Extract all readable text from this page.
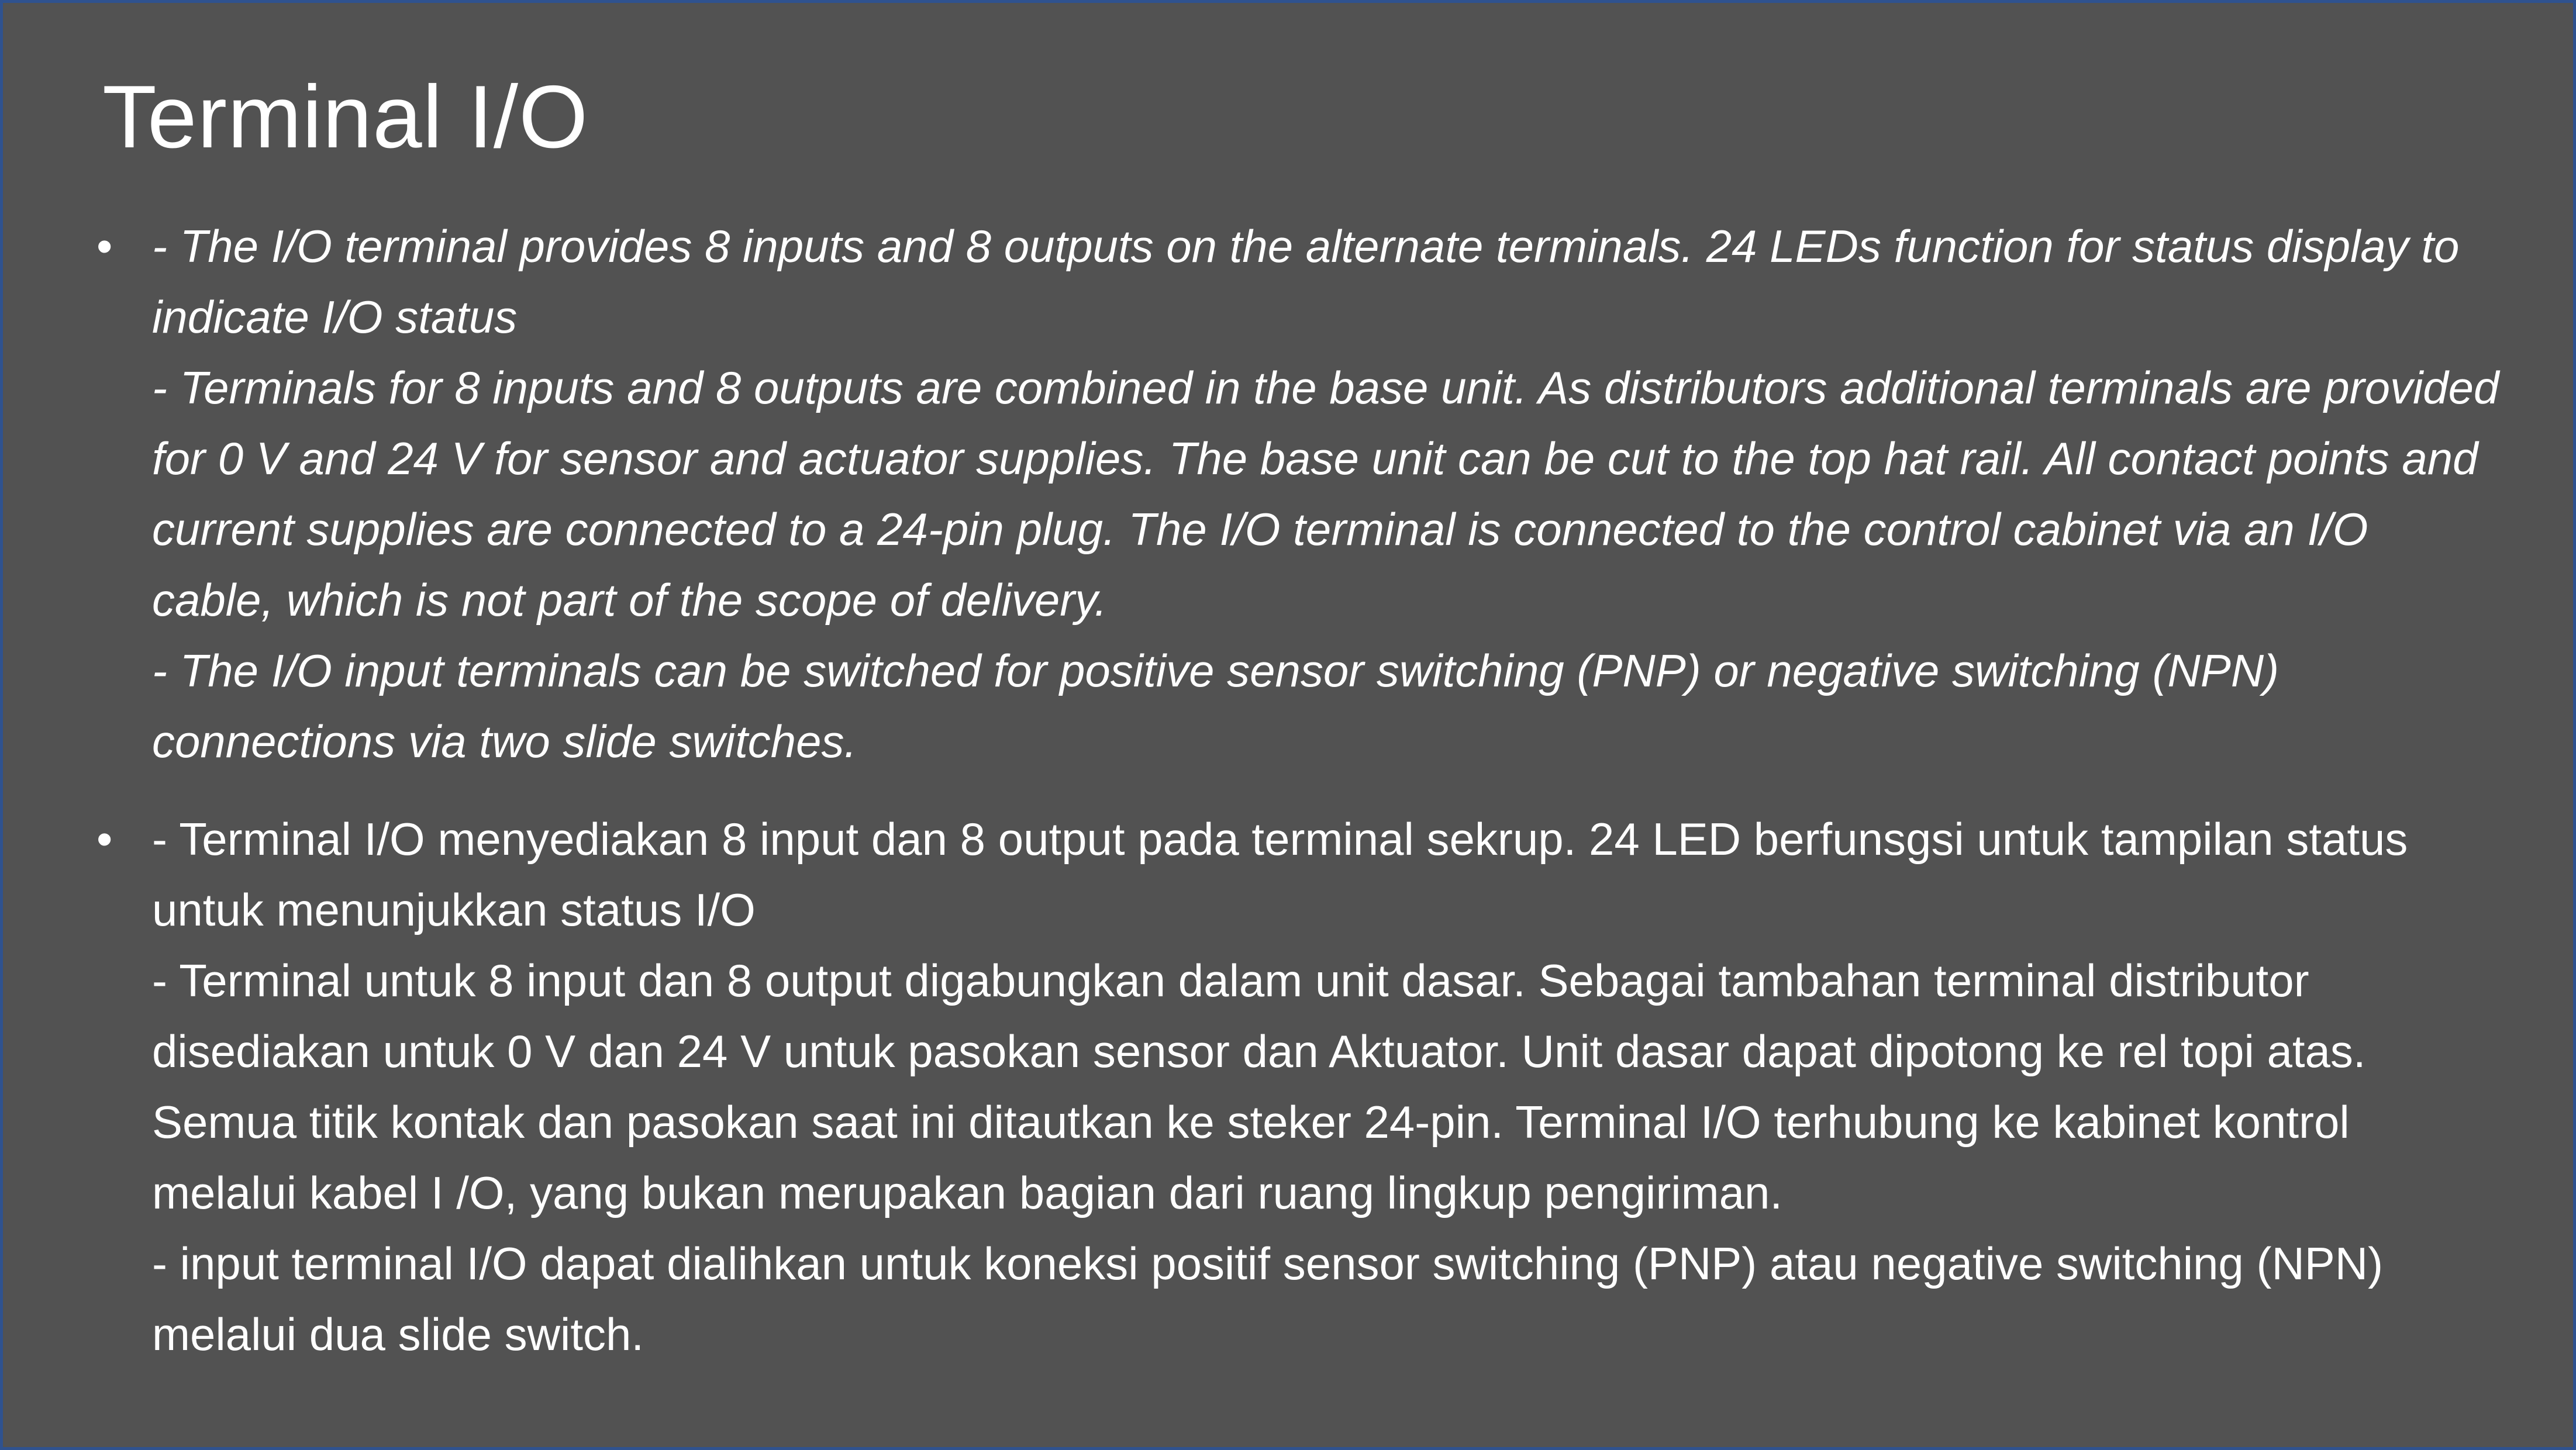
Terminal I/O
• - The I/O terminal provides 8 inputs and 8 outputs on the alternate terminals. 24 LEDs function for status display to indicate I/O status
- Terminals for 8 inputs and 8 outputs are combined in the base unit. As distributors additional terminals are provided for 0 V and 24 V for sensor and actuator supplies. The base unit can be cut to the top hat rail. All contact points and current supplies are connected to a 24-pin plug. The I/O terminal is connected to the control cabinet via an I/O cable, which is not part of the scope of delivery.
- The I/O input terminals can be switched for positive sensor switching (PNP) or negative switching (NPN) connections via two slide switches.
• - Terminal I/O menyediakan 8 input dan 8 output pada terminal sekrup. 24 LED berfunsgsi untuk tampilan status untuk menunjukkan status I/O
- Terminal untuk 8 input dan 8 output digabungkan dalam unit dasar. Sebagai tambahan terminal distributor disediakan untuk 0 V dan 24 V untuk pasokan sensor dan Aktuator. Unit dasar dapat dipotong ke rel topi atas. Semua titik kontak dan pasokan saat ini ditautkan ke steker 24-pin. Terminal I/O terhubung ke kabinet kontrol melalui kabel I /O, yang bukan merupakan bagian dari ruang lingkup pengiriman.
- input terminal I/O dapat dialihkan untuk koneksi positif sensor switching (PNP) atau negative switching (NPN) melalui dua slide switch.
